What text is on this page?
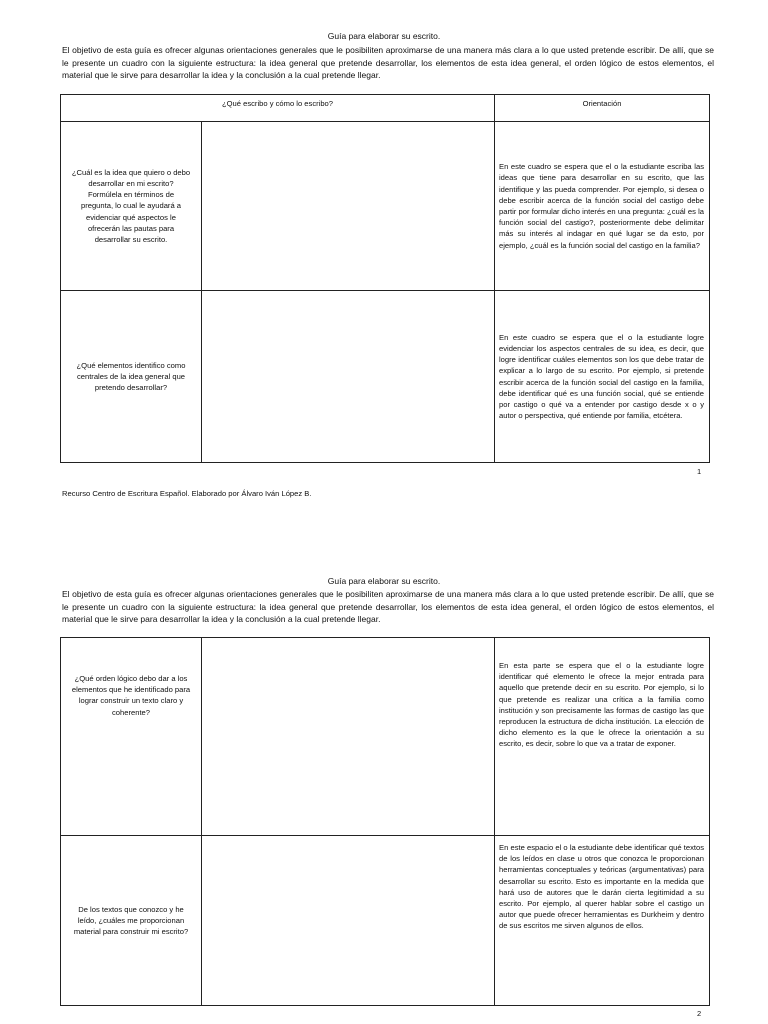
Guía para elaborar su escrito.
El objetivo de esta guía es ofrecer algunas orientaciones generales que le posibiliten aproximarse de una manera más clara a lo que usted pretende escribir. De allí, que se le presente un cuadro con la siguiente estructura: la idea general que pretende desarrollar, los elementos de esta idea general, el orden lógico de estos elementos, el material que le sirve para desarrollar la idea y la conclusión a la cual pretende llegar.
¿Qué escribo y cómo lo escribo?		Orientación
¿Cuál es la idea que quiero o debo desarrollar en mi escrito? Formúlela en términos de pregunta, lo cual le ayudará a evidenciar qué aspectos le ofrecerán las pautas para desarrollar su escrito.		En este cuadro se espera que el o la estudiante escriba las ideas que tiene para desarrollar en su escrito, que las identifique y las pueda comprender. Por ejemplo, si desea o debe escribir acerca de la función social del castigo debe partir por formular dicho interés en una pregunta: ¿cuál es la función social del castigo?, posteriormente debe delimitar más su interés al indagar en qué lugar se da esto, por ejemplo, ¿cuál es la función social del castigo en la familia?
¿Qué elementos identifico como centrales de la idea general que pretendo desarrollar?		En este cuadro se espera que el o la estudiante logre evidenciar los aspectos centrales de su idea, es decir, que logre identificar cuáles elementos son los que debe tratar de explicar a lo largo de su escrito. Por ejemplo, si pretende escribir acerca de la función social del castigo en la familia, debe identificar qué es una función social, qué se entiende por castigo o qué va a entender por castigo desde x o y autor o perspectiva, qué entiende por familia, etcétera.
1
Recurso Centro de Escritura Español. Elaborado por Álvaro Iván López B.
Guía para elaborar su escrito.
El objetivo de esta guía es ofrecer algunas orientaciones generales que le posibiliten aproximarse de una manera más clara a lo que usted pretende escribir. De allí, que se le presente un cuadro con la siguiente estructura: la idea general que pretende desarrollar, los elementos de esta idea general, el orden lógico de estos elementos, el material que le sirve para desarrollar la idea y la conclusión a la cual pretende llegar.
¿Qué orden lógico debo dar a los elementos que he identificado para lograr construir un texto claro y coherente?		En esta parte se espera que el o la estudiante logre identificar qué elemento le ofrece la mejor entrada para aquello que pretende decir en su escrito. Por ejemplo, si lo que pretende es realizar una crítica a la familia como institución y son precisamente las formas de castigo las que reproducen la estructura de dicha institución. La elección de dicho elemento es la que le ofrece la orientación a su escrito, es decir, sobre lo que va a tratar de exponer.
De los textos que conozco y he leído, ¿cuáles me proporcionan material para construir mi escrito?		En este espacio el o la estudiante debe identificar qué textos de los leídos en clase u otros que conozca le proporcionan herramientas conceptuales y teóricas (argumentativas) para desarrollar su escrito. Esto es importante en la medida que hará uso de autores que le darán cierta legitimidad a su escrito. Por ejemplo, al querer hablar sobre el castigo un autor que puede ofrecer herramientas es Durkheim y dentro de sus escritos me sirven algunos de ellos.
2
